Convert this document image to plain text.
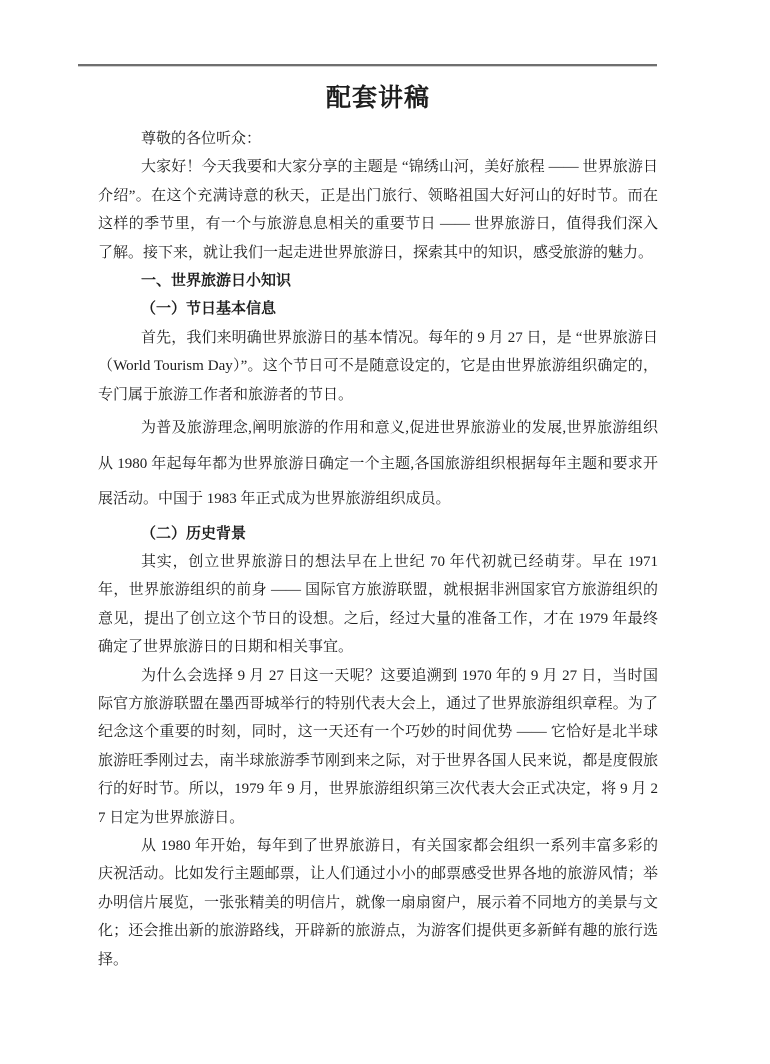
配套讲稿

尊敬的各位听众：

大家好！今天我要和大家分享的主题是 “锦绣山河，美好旅程 —— 世界旅游日介绍”。在这个充满诗意的秋天，正是出门旅行、领略祖国大好河山的好时节。而在这样的季节里，有一个与旅游息息相关的重要节日 —— 世界旅游日，值得我们深入了解。接下来，就让我们一起走进世界旅游日，探索其中的知识，感受旅游的魅力。

一、世界旅游日小知识

（一）节日基本信息

首先，我们来明确世界旅游日的基本情况。每年的 9 月 27 日，是 “世界旅游日（World Tourism Day）”。这个节日可不是随意设定的，它是由世界旅游组织确定的，专门属于旅游工作者和旅游者的节日。

为普及旅游理念,阐明旅游的作用和意义,促进世界旅游业的发展,世界旅游组织从 1980 年起每年都为世界旅游日确定一个主题,各国旅游组织根据每年主题和要求开展活动。中国于 1983 年正式成为世界旅游组织成员。

（二）历史背景

其实，创立世界旅游日的想法早在上世纪 70 年代初就已经萌芽。早在 1971 年，世界旅游组织的前身 —— 国际官方旅游联盟，就根据非洲国家官方旅游组织的意见，提出了创立这个节日的设想。之后，经过大量的准备工作，才在 1979 年最终确定了世界旅游日的日期和相关事宜。

为什么会选择 9 月 27 日这一天呢？这要追溯到 1970 年的 9 月 27 日，当时国际官方旅游联盟在墨西哥城举行的特别代表大会上，通过了世界旅游组织章程。为了纪念这个重要的时刻，同时，这一天还有一个巧妙的时间优势 —— 它恰好是北半球旅游旺季刚过去，南半球旅游季节刚到来之际，对于世界各国人民来说，都是度假旅行的好时节。所以，1979 年 9 月，世界旅游组织第三次代表大会正式决定，将 9 月 27 日定为世界旅游日。

从 1980 年开始，每年到了世界旅游日，有关国家都会组织一系列丰富多彩的庆祝活动。比如发行主题邮票，让人们通过小小的邮票感受世界各地的旅游风情；举办明信片展览，一张张精美的明信片，就像一扇扇窗户，展示着不同地方的美景与文化；还会推出新的旅游路线，开辟新的旅游点，为游客们提供更多新鲜有趣的旅行选择。
